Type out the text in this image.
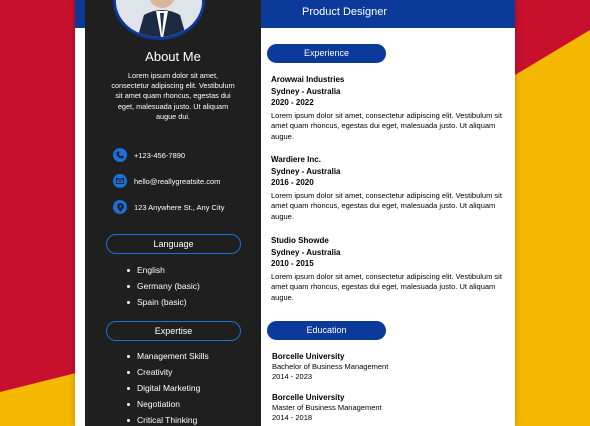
Product Designer
About Me
Lorem ipsum dolor sit amet, consectetur adipiscing elit. Vestibulum sit amet quam rhoncus, egestas dui eget, malesuada justo. Ut aliquam augue dui.
+123-456-7890
hello@reallygreatsite.com
123 Anywhere St., Any City
Language
English
Germany (basic)
Spain (basic)
Expertise
Management Skills
Creativity
Digital Marketing
Negotiation
Critical Thinking
Experience
Arowwai Industries
Sydney - Australia
2020 - 2022
Lorem ipsum dolor sit amet, consectetur adipiscing elit. Vestibulum sit amet quam rhoncus, egestas dui eget, malesuada justo. Ut aliquam augue.
Wardiere Inc.
Sydney - Australia
2016 - 2020
Lorem ipsum dolor sit amet, consectetur adipiscing elit. Vestibulum sit amet quam rhoncus, egestas dui eget, malesuada justo. Ut aliquam augue.
Studio Showde
Sydney - Australia
2010 - 2015
Lorem ipsum dolor sit amet, consectetur adipiscing elit. Vestibulum sit amet quam rhoncus, egestas dui eget, malesuada justo. Ut aliquam augue.
Education
Borcelle University
Bachelor of Business Management
2014 - 2023
Borcelle University
Master of Business Management
2014 - 2018
